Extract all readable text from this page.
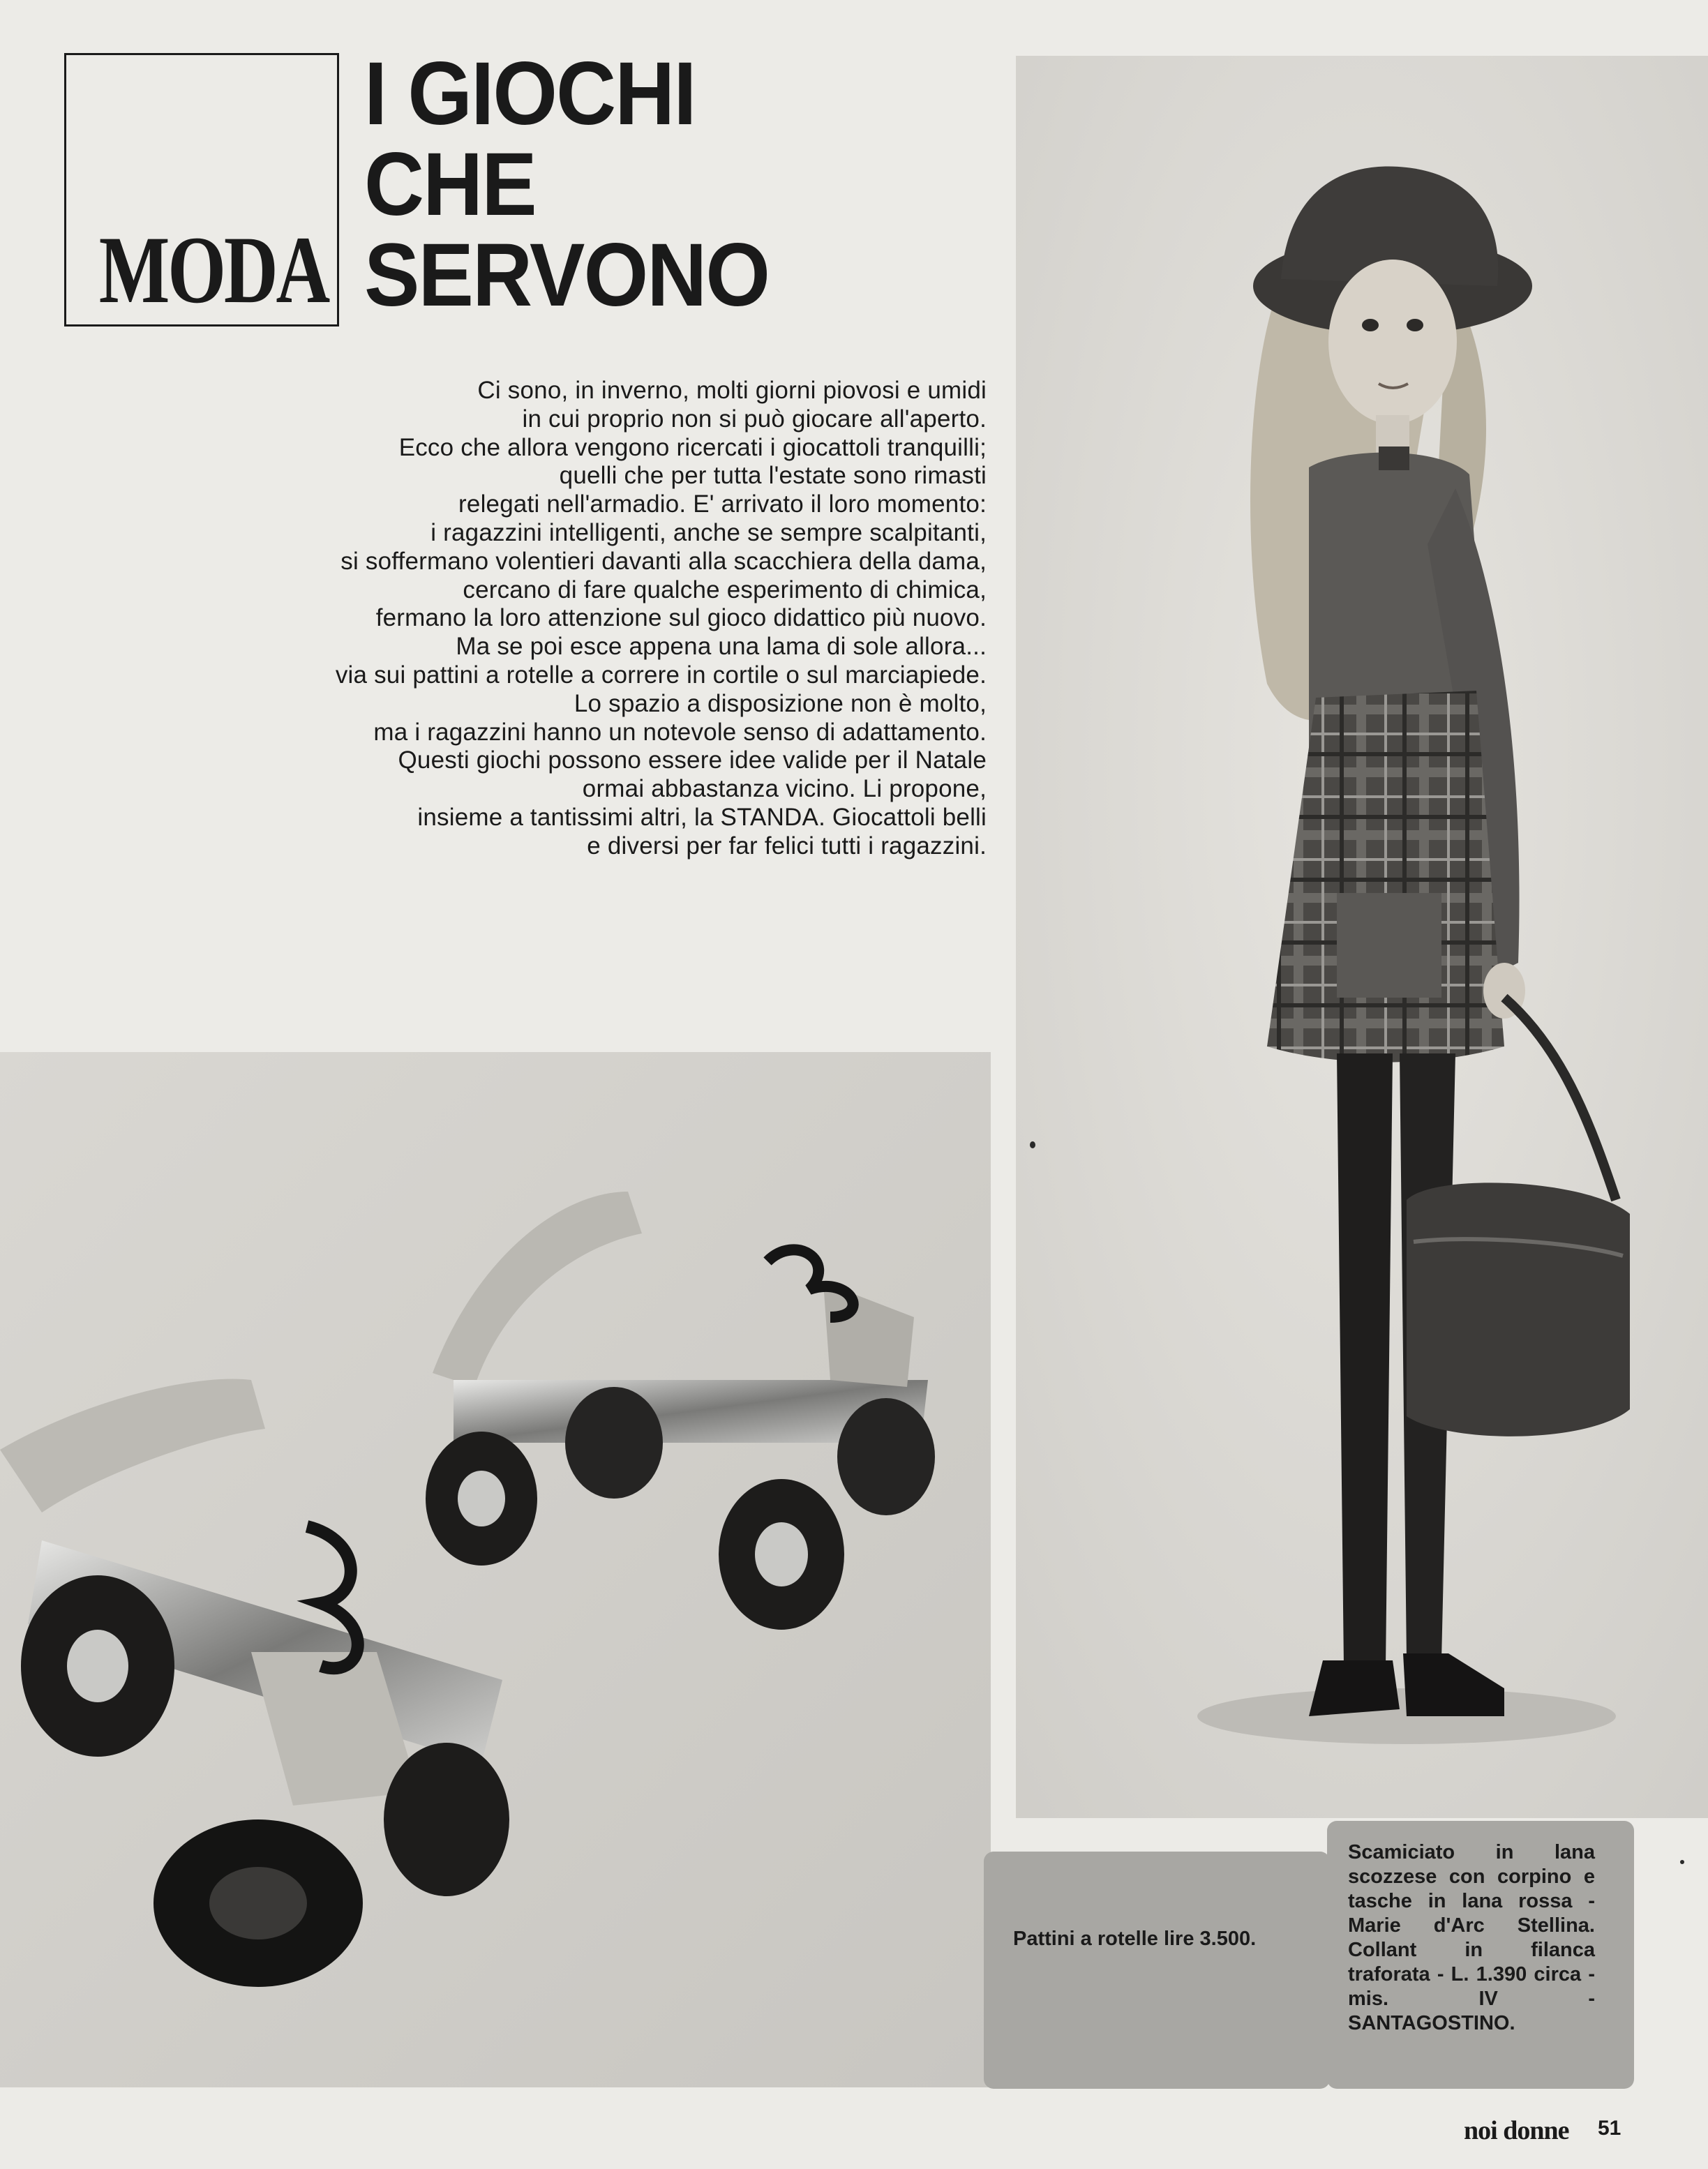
MODA
I GIOCHI
CHE
SERVONO
Ci sono, in inverno, molti giorni piovosi e umidi
in cui proprio non si può giocare all'aperto.
Ecco che allora vengono ricercati i giocattoli tranquilli;
quelli che per tutta l'estate sono rimasti
relegati nell'armadio. E' arrivato il loro momento:
i ragazzini intelligenti, anche se sempre scalpitanti,
si soffermano volentieri davanti alla scacchiera della dama,
cercano di fare qualche esperimento di chimica,
fermano la loro attenzione sul gioco didattico più nuovo.
Ma se poi esce appena una lama di sole allora...
via sui pattini a rotelle a correre in cortile o sul marciapiede.
Lo spazio a disposizione non è molto,
ma i ragazzini hanno un notevole senso di adattamento.
Questi giochi possono essere idee valide per il Natale
ormai abbastanza vicino. Li propone,
insieme a tantissimi altri, la STANDA. Giocattoli belli
e diversi per far felici tutti i ragazzini.
Pattini a rotelle lire 3.500.
Scamiciato in lana scozzese con corpino e tasche in lana rossa - Marie d'Arc Stellina. Collant in filanca traforata - L. 1.390 circa - mis. IV - SANTAGOSTINO.
noi donne 51
